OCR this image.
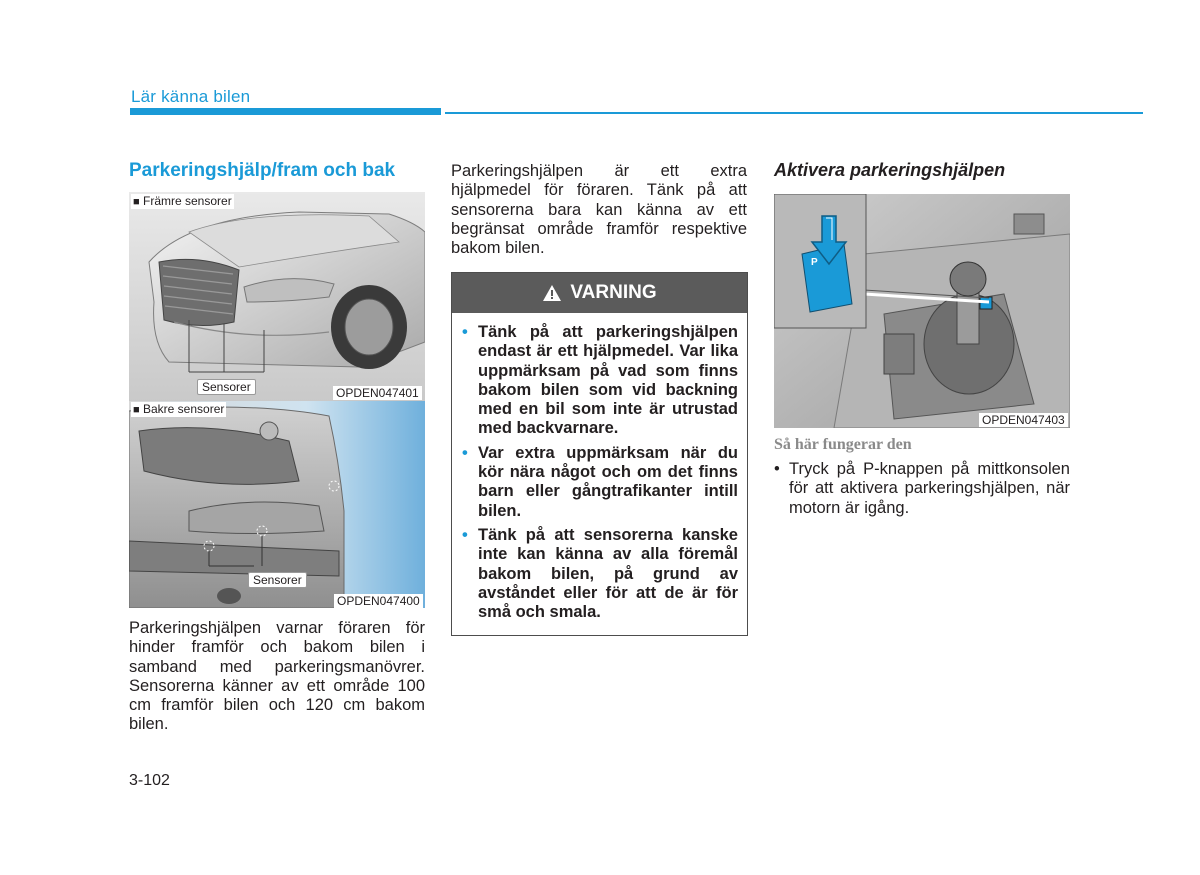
Lär känna bilen
Parkeringshjälp/fram och bak
■ Främre sensorer
Sensorer	OPDEN047401
■ Bakre sensorer
Sensorer
OPDEN047400
Parkeringshjälpen varnar föraren för hinder framför och bakom bilen i samband med parkeringsmanövrer. Sensorerna känner av ett område 100 cm framför bilen och 120 cm bakom bilen.
Parkeringshjälpen är ett extra hjälpmedel för föraren. Tänk på att sensorerna bara kan känna av ett begränsat område framför respektive bakom bilen.
VARNING
• Tänk på att parkeringshjälpen endast är ett hjälpmedel. Var lika uppmärksam på vad som finns bakom bilen som vid backning med en bil som inte är utrustad med backvarnare.
• Var extra uppmärksam när du kör nära något och om det finns barn eller gångtrafikanter intill bilen.
• Tänk på att sensorerna kanske inte kan känna av alla föremål bakom bilen, på grund av avståndet eller för att de är för små och smala.
Aktivera parkeringshjälpen
P
OPDEN047403
Så här fungerar den
• Tryck på P-knappen på mittkonsolen för att aktivera parkeringshjälpen, när motorn är igång.
3-102
